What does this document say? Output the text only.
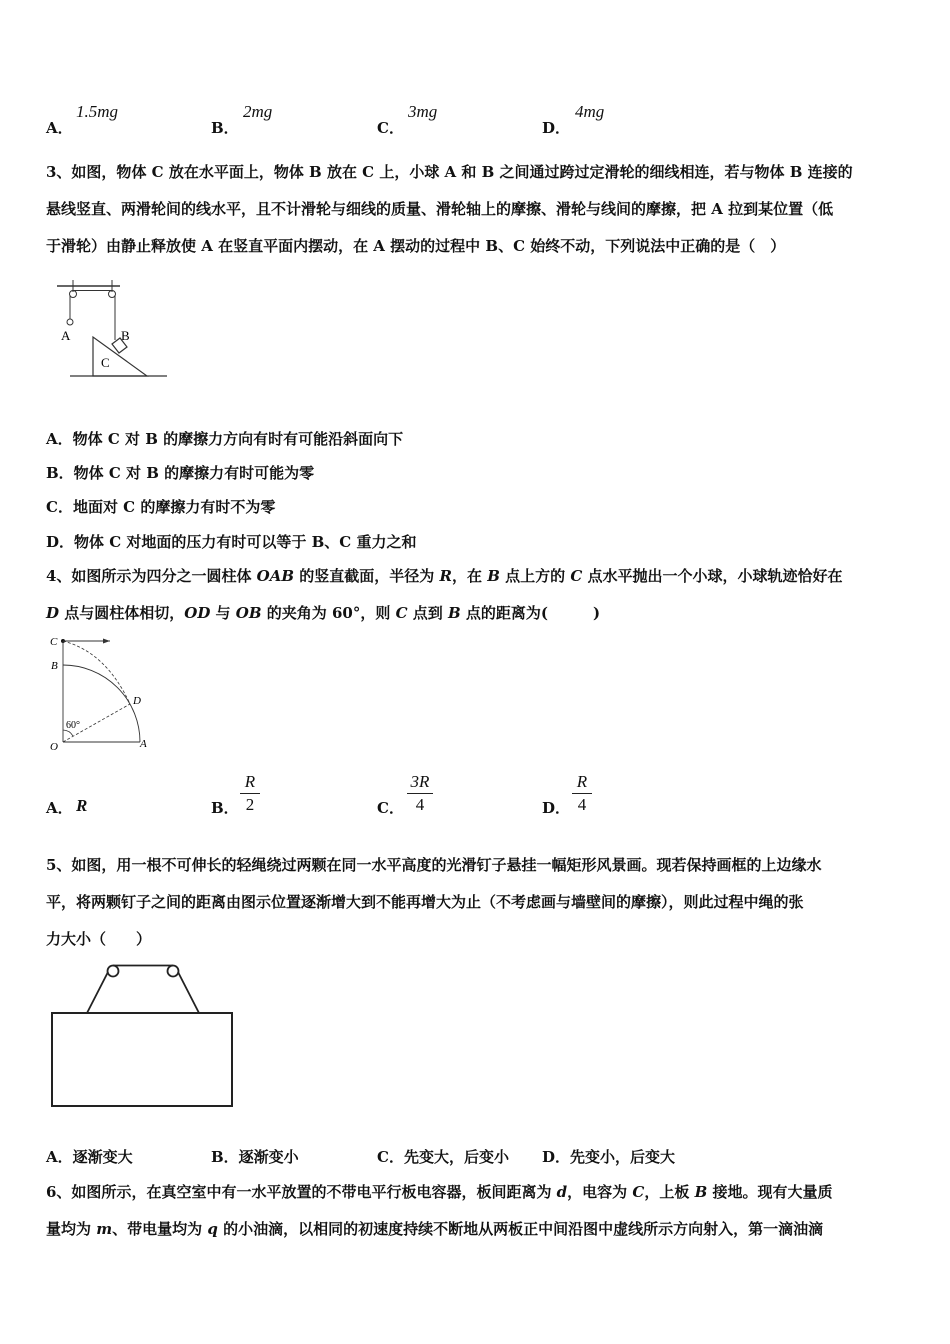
A．
1.5mg
B．
2mg
C．
3mg
D．
4mg
3、如图，物体 C 放在水平面上，物体 B 放在 C 上，小球 A 和 B 之间通过跨过定滑轮的细线相连，若与物体 B 连接的
悬线竖直、两滑轮间的线水平，且不计滑轮与细线的质量、滑轮轴上的摩擦、滑轮与线间的摩擦，把 A 拉到某位置（低
于滑轮）由静止释放使 A 在竖直平面内摆动，在 A 摆动的过程中 B、C 始终不动，下列说法中正确的是（　）
A	B
C
A．物体 C 对 B 的摩擦力方向有时有可能沿斜面向下
B．物体 C 对 B 的摩擦力有时可能为零
C．地面对 C 的摩擦力有时不为零
D．物体 C 对地面的压力有时可以等于 B、C 重力之和
4、如图所示为四分之一圆柱体 OAB 的竖直截面，半径为 R，在 B 点上方的 C 点水平抛出一个小球，小球轨迹恰好在
D 点与圆柱体相切，OD 与 OB 的夹角为 60°，则 C 点到 B 点的距离为(　　　)
C
B
D
O	A
60°
A． R	B．
R
2	C．
3R
4	D．
R
4
5、如图，用一根不可伸长的轻绳绕过两颗在同一水平高度的光滑钉子悬挂一幅矩形风景画。现若保持画框的上边缘水
平，将两颗钉子之间的距离由图示位置逐渐增大到不能再增大为止（不考虑画与墙壁间的摩擦），则此过程中绳的张
力大小（　　）
A．逐渐变大	B．逐渐变小	C．先变大，后变小 D．先变小，后变大
6、如图所示，在真空室中有一水平放置的不带电平行板电容器，板间距离为 d，电容为 C，上板 B 接地。现有大量质
量均为 m、带电量均为 q 的小油滴，以相同的初速度持续不断地从两板正中间沿图中虚线所示方向射入，第一滴油滴
